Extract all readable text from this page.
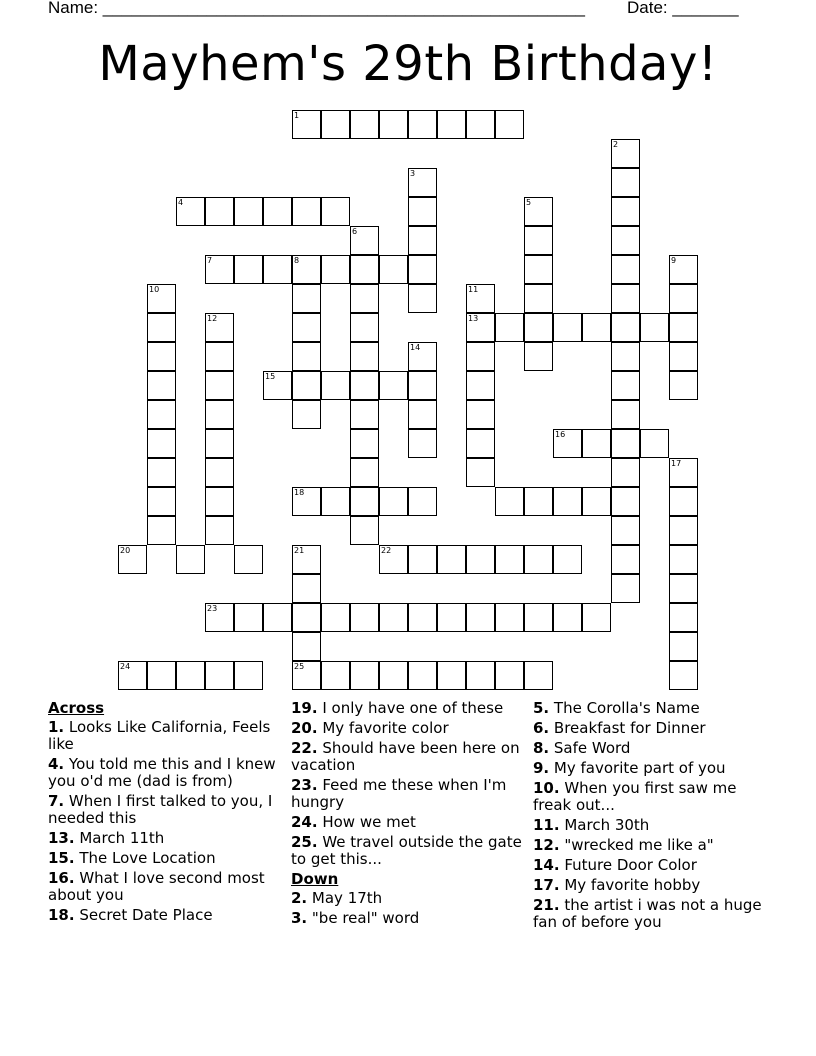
Name: ___________________________________________________ Date: _______
Mayhem's 29th Birthday!
1
2
3
4	5
6
7	8	9
10	11
13
12
14
15
16
17
18
20	21
25
22
23
24
Across
1. Looks Like California, Feels like
4. You told me this and I knew you o'd me (dad is from)
7. When I first talked to you, I needed this
13. March 11th
15. The Love Location
16. What I love second most about you
18. Secret Date Place
19. I only have one of these
20. My favorite color
22. Should have been here on vacation
23. Feed me these when I'm hungry
24. How we met
25. We travel outside the gate to get this...
Down
2. May 17th
3. "be real" word
5. The Corolla's Name
6. Breakfast for Dinner
8. Safe Word
9. My favorite part of you
10. When you first saw me freak out...
11. March 30th
12. "wrecked me like a"
14. Future Door Color
17. My favorite hobby
21. the artist i was not a huge fan of before you
